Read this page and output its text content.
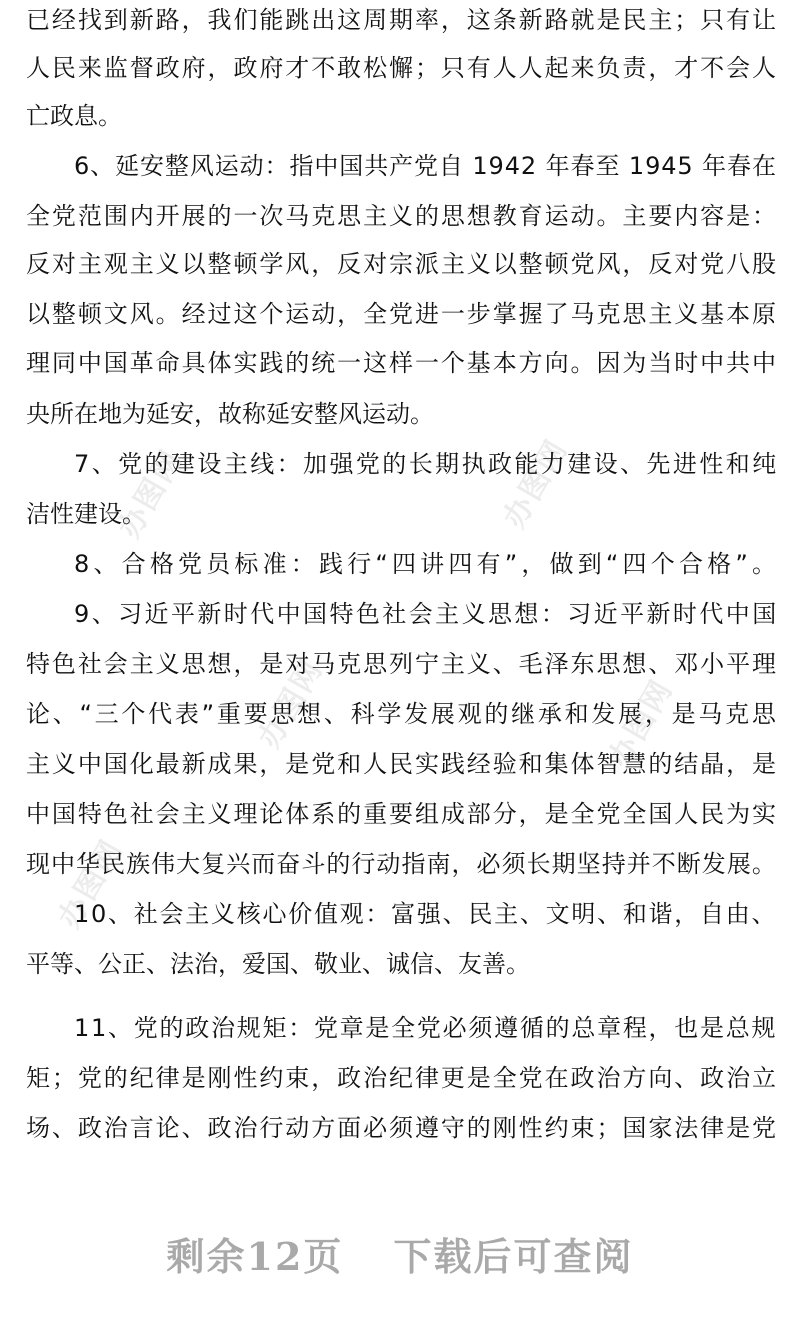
办图网	办图网
办图网	办图网
办图网
已经找到新路，我们能跳出这周期率，这条新路就是民主；只有让
人民来监督政府，政府才不敢松懈；只有人人起来负责，才不会人
亡政息。
6、延安整风运动：指中国共产党自 1942 年春至 1945 年春在
全党范围内开展的一次马克思主义的思想教育运动。主要内容是：
反对主观主义以整顿学风，反对宗派主义以整顿党风，反对党八股
以整顿文风。经过这个运动，全党进一步掌握了马克思主义基本原
理同中国革命具体实践的统一这样一个基本方向。因为当时中共中
央所在地为延安，故称延安整风运动。
7、党的建设主线：加强党的长期执政能力建设、先进性和纯
洁性建设。
8、合格党员标准：践行“四讲四有”，做到“四个合格”。
9、习近平新时代中国特色社会主义思想：习近平新时代中国
特色社会主义思想，是对马克思列宁主义、毛泽东思想、邓小平理
论、“三个代表”重要思想、科学发展观的继承和发展，是马克思
主义中国化最新成果，是党和人民实践经验和集体智慧的结晶，是
中国特色社会主义理论体系的重要组成部分，是全党全国人民为实
现中华民族伟大复兴而奋斗的行动指南，必须长期坚持并不断发展。
10、社会主义核心价值观：富强、民主、文明、和谐，自由、
平等、公正、法治，爱国、敬业、诚信、友善。
11、党的政治规矩：党章是全党必须遵循的总章程，也是总规
矩；党的纪律是刚性约束，政治纪律更是全党在政治方向、政治立
场、政治言论、政治行动方面必须遵守的刚性约束；国家法律是党
剩余12页 下载后可查阅
